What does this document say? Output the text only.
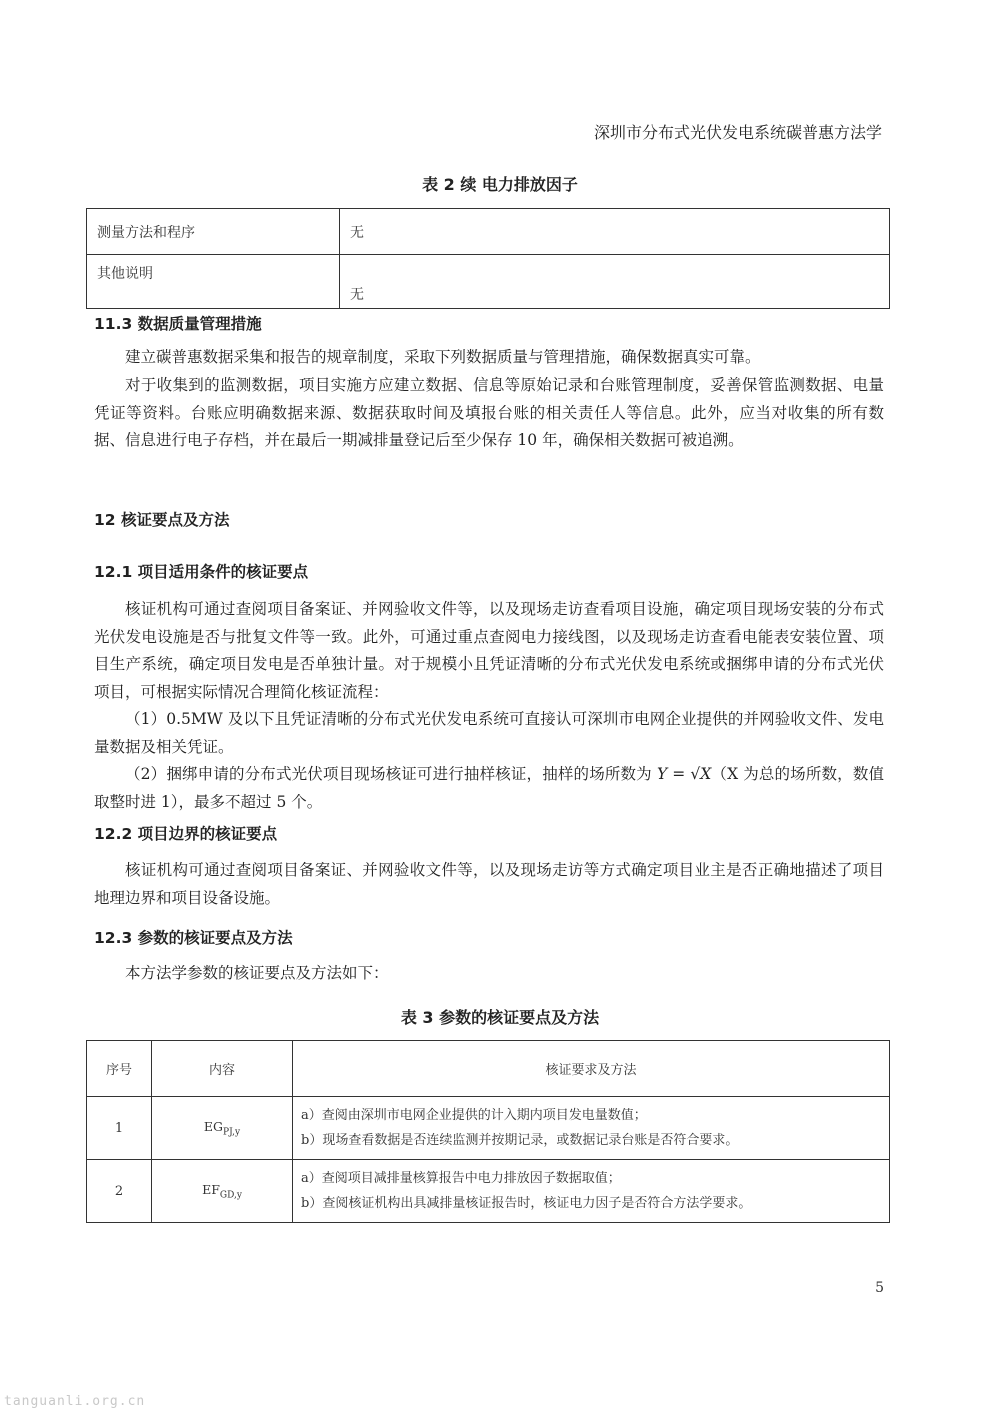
深圳市分布式光伏发电系统碳普惠方法学
表 2 续 电力排放因子
测量方法和程序	无
其他说明	无
11.3 数据质量管理措施

建立碳普惠数据采集和报告的规章制度，采取下列数据质量与管理措施，确保数据真实可靠。

对于收集到的监测数据，项目实施方应建立数据、信息等原始记录和台账管理制度，妥善保管监测数据、电量凭证等资料。台账应明确数据来源、数据获取时间及填报台账的相关责任人等信息。此外，应当对收集的所有数据、信息进行电子存档，并在最后一期减排量登记后至少保存 10 年，确保相关数据可被追溯。

12 核证要点及方法
12.1 项目适用条件的核证要点

核证机构可通过查阅项目备案证、并网验收文件等，以及现场走访查看项目设施，确定项目现场安装的分布式光伏发电设施是否与批复文件等一致。此外，可通过重点查阅电力接线图，以及现场走访查看电能表安装位置、项目生产系统，确定项目发电是否单独计量。对于规模小且凭证清晰的分布式光伏发电系统或捆绑申请的分布式光伏项目，可根据实际情况合理简化核证流程：

（1）0.5MW 及以下且凭证清晰的分布式光伏发电系统可直接认可深圳市电网企业提供的并网验收文件、发电量数据及相关凭证。

（2）捆绑申请的分布式光伏项目现场核证可进行抽样核证，抽样的场所数为 Y = √X（X 为总的场所数，数值取整时进 1），最多不超过 5 个。

12.2 项目边界的核证要点

核证机构可通过查阅项目备案证、并网验收文件等，以及现场走访等方式确定项目业主是否正确地描述了项目地理边界和项目设备设施。

12.3 参数的核证要点及方法

本方法学参数的核证要点及方法如下：

表 3 参数的核证要点及方法
序号	内容	核证要求及方法
1	$EG_{PJ,y}$	a）查阅由深圳市电网企业提供的计入期内项目发电量数值；
b）现场查看数据是否连续监测并按期记录，或数据记录台账是否符合要求。

2	$EF_{GD,y}$	a）查阅项目减排量核算报告中电力排放因子数据取值；
b）查阅核证机构出具减排量核证报告时，核证电力因子是否符合方法学要求。
5
tanguanli.org.cn
